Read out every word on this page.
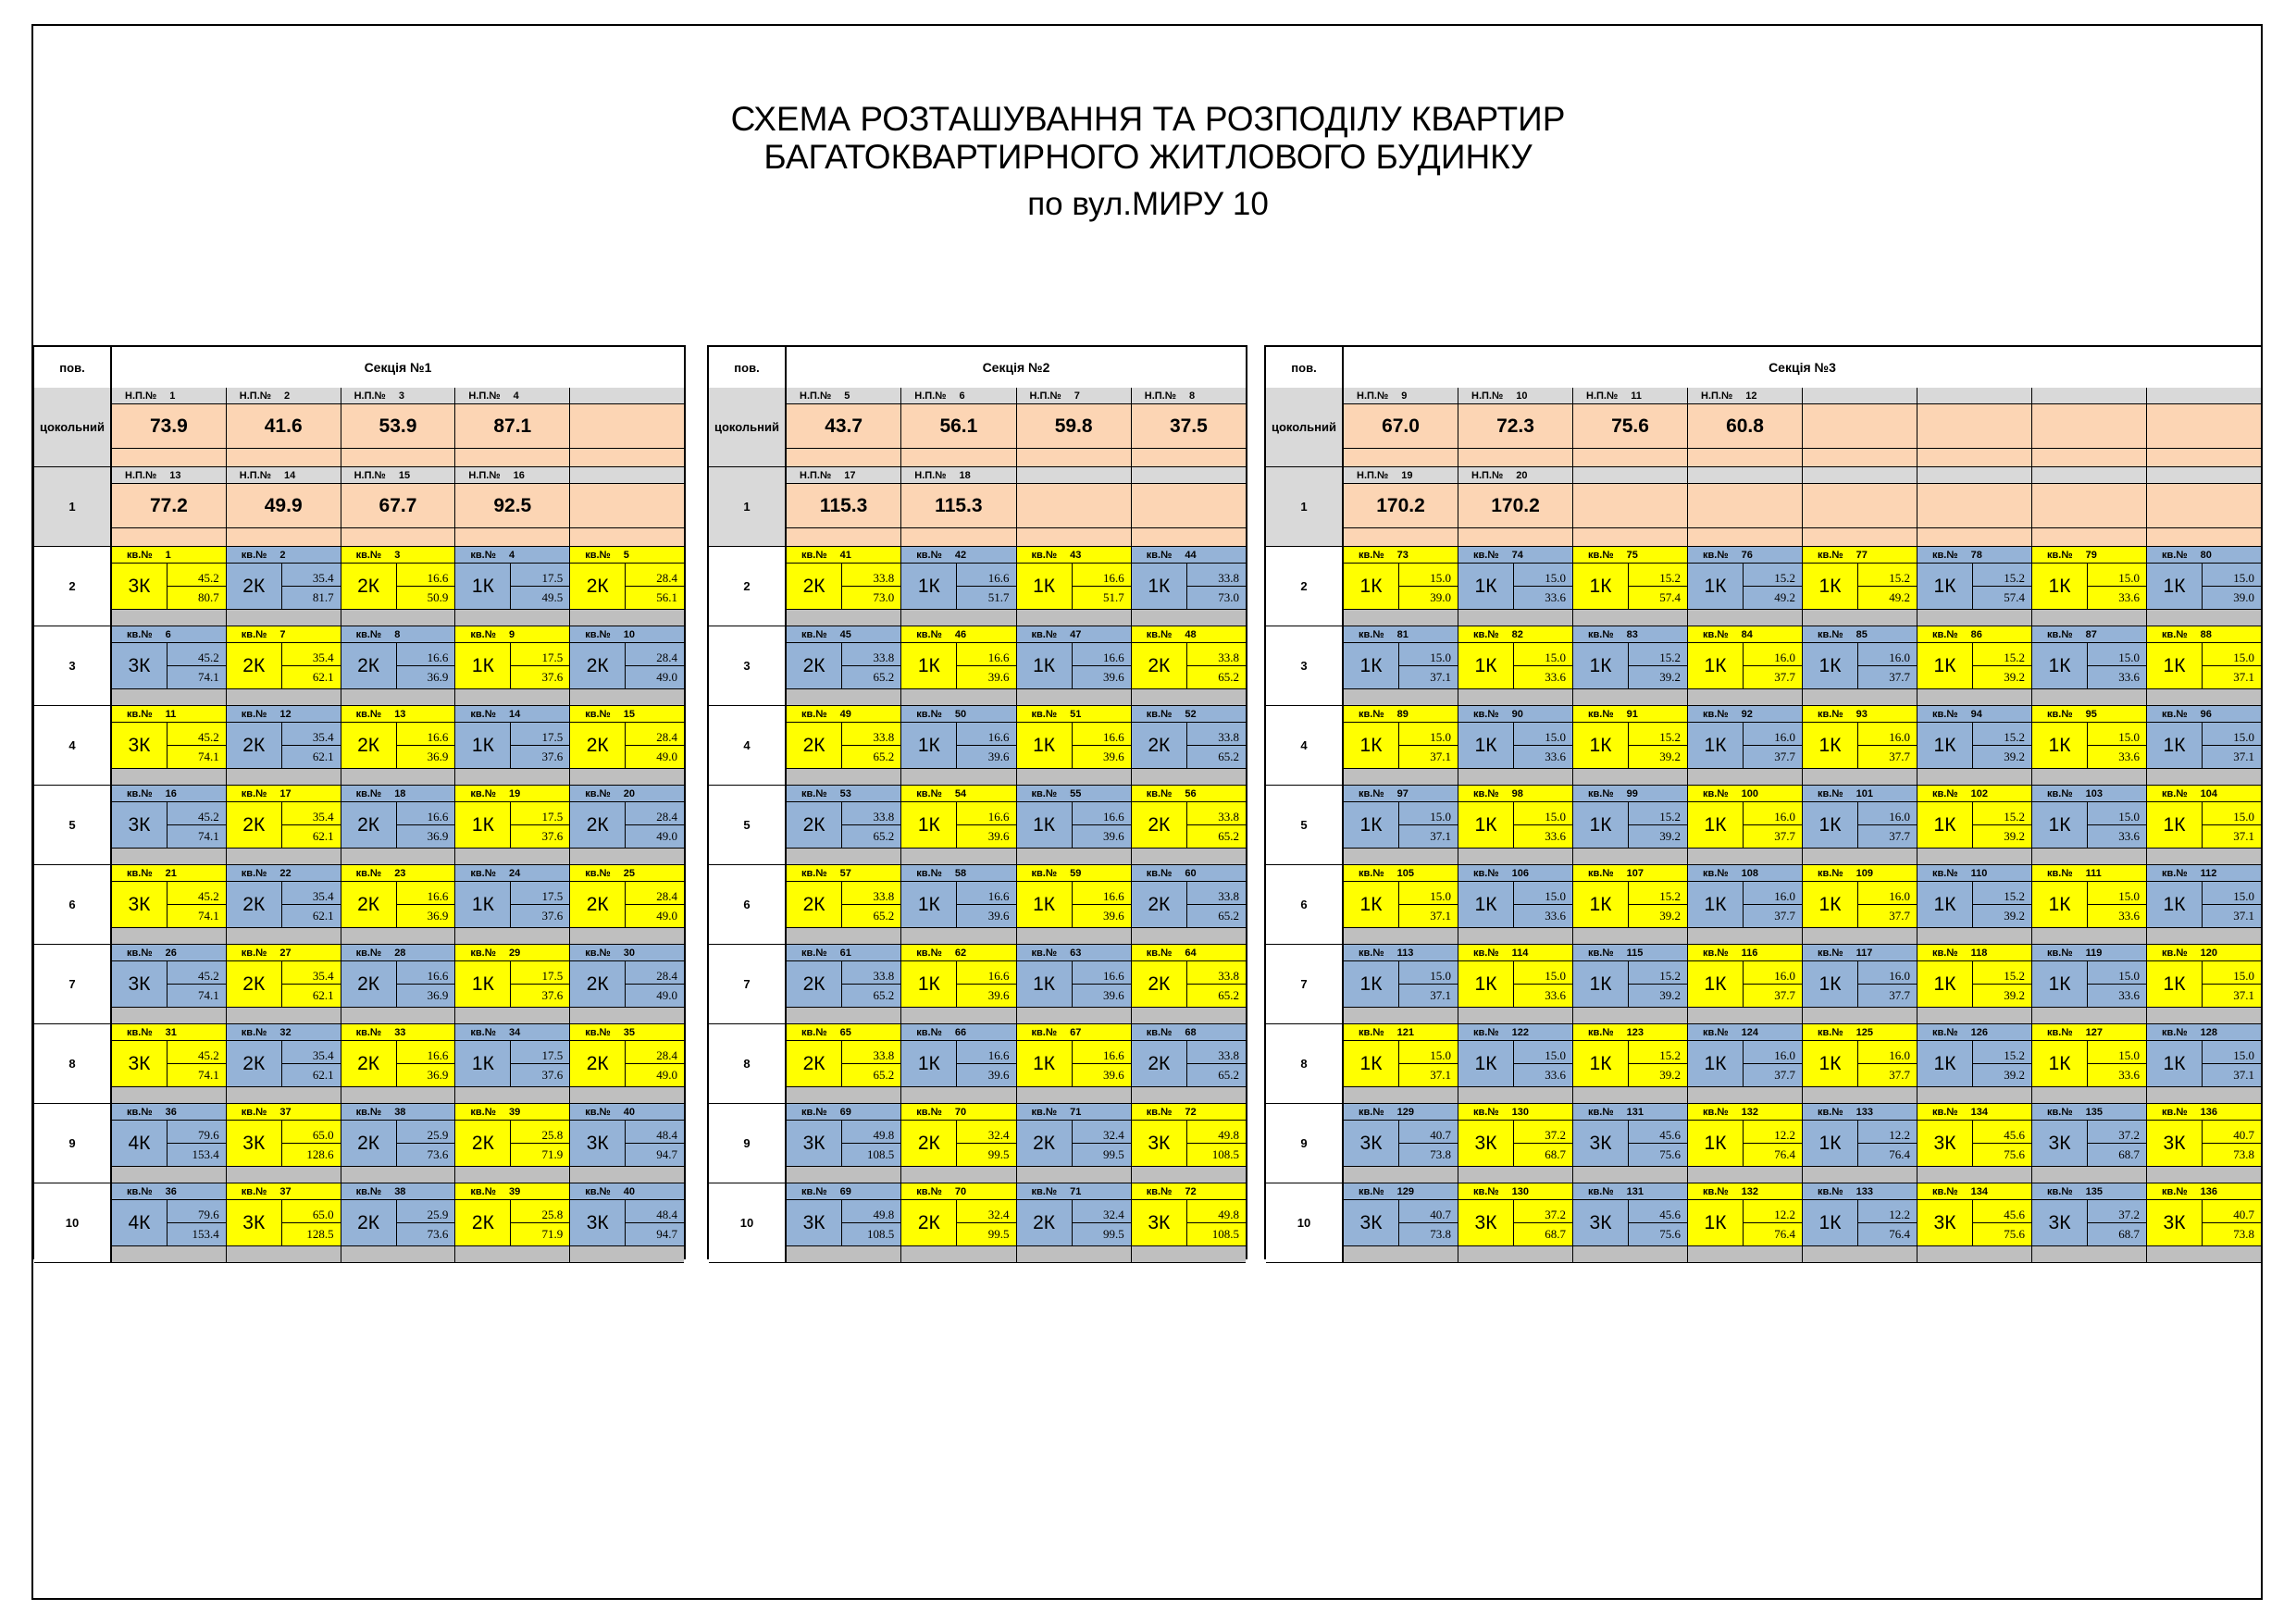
СХЕМА РОЗТАШУВАННЯ ТА РОЗПОДІЛУ КВАРТИР
БАГАТОКВАРТИРНОГО ЖИТЛОВОГО БУДИНКУ
по вул.МИРУ 10
пов.	Секція №1
цокольний
Н.П.№ 1
73.9
Н.П.№ 2
41.6
Н.П.№ 3
53.9
Н.П.№ 4
87.1
1
Н.П.№ 13
77.2
Н.П.№ 14
49.9
Н.П.№ 15
67.7
Н.П.№ 16
92.5
2
кв.№ 1
3К	45.2
80.7
кв.№ 2
2К	35.4
81.7
кв.№ 3
2К	16.6
50.9
кв.№ 4
1К	17.5
49.5
кв.№ 5
2К	28.4
56.1
3
кв.№ 6
3К	45.2
74.1
кв.№ 7
2К	35.4
62.1
кв.№ 8
2К	16.6
36.9
кв.№ 9
1К	17.5
37.6
кв.№ 10
2К	28.4
49.0
4
кв.№ 11
3К	45.2
74.1
кв.№ 12
2К	35.4
62.1
кв.№ 13
2К	16.6
36.9
кв.№ 14
1К	17.5
37.6
кв.№ 15
2К	28.4
49.0
5
кв.№ 16
3К	45.2
74.1
кв.№ 17
2К	35.4
62.1
кв.№ 18
2К	16.6
36.9
кв.№ 19
1К	17.5
37.6
кв.№ 20
2К	28.4
49.0
6
кв.№ 21
3К	45.2
74.1
кв.№ 22
2К	35.4
62.1
кв.№ 23
2К	16.6
36.9
кв.№ 24
1К	17.5
37.6
кв.№ 25
2К	28.4
49.0
7
кв.№ 26
3К	45.2
74.1
кв.№ 27
2К	35.4
62.1
кв.№ 28
2К	16.6
36.9
кв.№ 29
1К	17.5
37.6
кв.№ 30
2К	28.4
49.0
8
кв.№ 31
3К	45.2
74.1
кв.№ 32
2К	35.4
62.1
кв.№ 33
2К	16.6
36.9
кв.№ 34
1К	17.5
37.6
кв.№ 35
2К	28.4
49.0
9
кв.№ 36
4К	79.6
153.4
кв.№ 37
3К	65.0
128.6
кв.№ 38
2К	25.9
73.6
кв.№ 39
2К	25.8
71.9
кв.№ 40
3К	48.4
94.7
10
кв.№ 36
4К	79.6
153.4
кв.№ 37
3К	65.0
128.5
кв.№ 38
2К	25.9
73.6
кв.№ 39
2К	25.8
71.9
кв.№ 40
3К	48.4
94.7
пов.	Секція №2
цокольний
Н.П.№ 5
43.7
Н.П.№ 6
56.1
Н.П.№ 7
59.8
Н.П.№ 8
37.5
1
Н.П.№ 17
115.3
Н.П.№ 18
115.3
2
кв.№ 41
2К	33.8
73.0
кв.№ 42
1К	16.6
51.7
кв.№ 43
1К	16.6
51.7
кв.№ 44
1К	33.8
73.0
3
кв.№ 45
2К	33.8
65.2
кв.№ 46
1К	16.6
39.6
кв.№ 47
1К	16.6
39.6
кв.№ 48
2К	33.8
65.2
4
кв.№ 49
2К	33.8
65.2
кв.№ 50
1К	16.6
39.6
кв.№ 51
1К	16.6
39.6
кв.№ 52
2К	33.8
65.2
5
кв.№ 53
2К	33.8
65.2
кв.№ 54
1К	16.6
39.6
кв.№ 55
1К	16.6
39.6
кв.№ 56
2К	33.8
65.2
6
кв.№ 57
2К	33.8
65.2
кв.№ 58
1К	16.6
39.6
кв.№ 59
1К	16.6
39.6
кв.№ 60
2К	33.8
65.2
7
кв.№ 61
2К	33.8
65.2
кв.№ 62
1К	16.6
39.6
кв.№ 63
1К	16.6
39.6
кв.№ 64
2К	33.8
65.2
8
кв.№ 65
2К	33.8
65.2
кв.№ 66
1К	16.6
39.6
кв.№ 67
1К	16.6
39.6
кв.№ 68
2К	33.8
65.2
9
кв.№ 69
3К	49.8
108.5
кв.№ 70
2К	32.4
99.5
кв.№ 71
2К	32.4
99.5
кв.№ 72
3К	49.8
108.5
10
кв.№ 69
3К	49.8
108.5
кв.№ 70
2К	32.4
99.5
кв.№ 71
2К	32.4
99.5
кв.№ 72
3К	49.8
108.5
пов.	Секція №3
цокольний
Н.П.№ 9
67.0
Н.П.№ 10
72.3
Н.П.№ 11
75.6
Н.П.№ 12
60.8
1
Н.П.№ 19
170.2
Н.П.№ 20
170.2
2
кв.№ 73
1К	15.0
39.0
кв.№ 74
1К	15.0
33.6
кв.№ 75
1К	15.2
57.4
кв.№ 76
1К	15.2
49.2
кв.№ 77
1К	15.2
49.2
кв.№ 78
1К	15.2
57.4
кв.№ 79
1К	15.0
33.6
кв.№ 80
1К	15.0
39.0
3
кв.№ 81
1К	15.0
37.1
кв.№ 82
1К	15.0
33.6
кв.№ 83
1К	15.2
39.2
кв.№ 84
1К	16.0
37.7
кв.№ 85
1К	16.0
37.7
кв.№ 86
1К	15.2
39.2
кв.№ 87
1К	15.0
33.6
кв.№ 88
1К	15.0
37.1
4
кв.№ 89
1К	15.0
37.1
кв.№ 90
1К	15.0
33.6
кв.№ 91
1К	15.2
39.2
кв.№ 92
1К	16.0
37.7
кв.№ 93
1К	16.0
37.7
кв.№ 94
1К	15.2
39.2
кв.№ 95
1К	15.0
33.6
кв.№ 96
1К	15.0
37.1
5
кв.№ 97
1К	15.0
37.1
кв.№ 98
1К	15.0
33.6
кв.№ 99
1К	15.2
39.2
кв.№ 100
1К	16.0
37.7
кв.№ 101
1К	16.0
37.7
кв.№ 102
1К	15.2
39.2
кв.№ 103
1К	15.0
33.6
кв.№ 104
1К	15.0
37.1
6
кв.№ 105
1К	15.0
37.1
кв.№ 106
1К	15.0
33.6
кв.№ 107
1К	15.2
39.2
кв.№ 108
1К	16.0
37.7
кв.№ 109
1К	16.0
37.7
кв.№ 110
1К	15.2
39.2
кв.№ 111
1К	15.0
33.6
кв.№ 112
1К	15.0
37.1
7
кв.№ 113
1К	15.0
37.1
кв.№ 114
1К	15.0
33.6
кв.№ 115
1К	15.2
39.2
кв.№ 116
1К	16.0
37.7
кв.№ 117
1К	16.0
37.7
кв.№ 118
1К	15.2
39.2
кв.№ 119
1К	15.0
33.6
кв.№ 120
1К	15.0
37.1
8
кв.№ 121
1К	15.0
37.1
кв.№ 122
1К	15.0
33.6
кв.№ 123
1К	15.2
39.2
кв.№ 124
1К	16.0
37.7
кв.№ 125
1К	16.0
37.7
кв.№ 126
1К	15.2
39.2
кв.№ 127
1К	15.0
33.6
кв.№ 128
1К	15.0
37.1
9
кв.№ 129
3К	40.7
73.8
кв.№ 130
3К	37.2
68.7
кв.№ 131
3К	45.6
75.6
кв.№ 132
1К	12.2
76.4
кв.№ 133
1К	12.2
76.4
кв.№ 134
3К	45.6
75.6
кв.№ 135
3К	37.2
68.7
кв.№ 136
3К	40.7
73.8
10
кв.№ 129
3К	40.7
73.8
кв.№ 130
3К	37.2
68.7
кв.№ 131
3К	45.6
75.6
кв.№ 132
1К	12.2
76.4
кв.№ 133
1К	12.2
76.4
кв.№ 134
3К	45.6
75.6
кв.№ 135
3К	37.2
68.7
кв.№ 136
3К	40.7
73.8
